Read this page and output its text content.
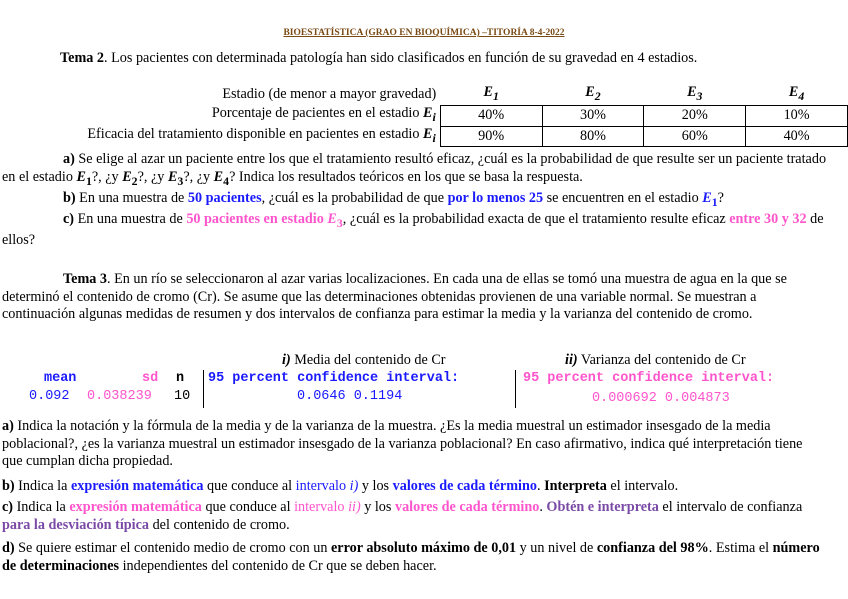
BIOESTATÍSTICA (GRAO EN BIOQUÍMICA) –TITORÍA 8-4-2022
Tema 2. Los pacientes con determinada patología han sido clasificados en función de su gravedad en 4 estadios.
Estadio (de menor a mayor gravedad)	$E_1$	$E_2$	$E_3$	$E_4$
Porcentaje de pacientes en el estadio $E_i$	40%	30%	20%	10%
Eficacia del tratamiento disponible en pacientes en estadio $E_i$	90%	80%	60%	40%
a) Se elige al azar un paciente entre los que el tratamiento resultó eficaz, ¿cuál es la probabilidad de que resulte ser un paciente tratado en el estadio $E_1$?, ¿y $E_2$?, ¿y $E_3$?, ¿y $E_4$? Indica los resultados teóricos en los que se basa la respuesta.
b) En una muestra de 50 pacientes, ¿cuál es la probabilidad de que por lo menos 25 se encuentren en el estadio $E_1$?
c) En una muestra de 50 pacientes en estadio $E_3$, ¿cuál es la probabilidad exacta de que el tratamiento resulte eficaz entre 30 y 32 de ellos?
Tema 3. En un río se seleccionaron al azar varias localizaciones. En cada una de ellas se tomó una muestra de agua en la que se determinó el contenido de cromo (Cr). Se asume que las determinaciones obtenidas provienen de una variable normal. Se muestran a continuación algunas medidas de resumen y dos intervalos de confianza para estimar la media y la varianza del contenido de cromo.
i) Media del contenido de Cr	ii) Varianza del contenido de Cr
mean	sd n
0.092 0.038239 10
95 percent confidence interval:
0.0646 0.1194
95 percent confidence interval:
0.000692 0.004873
a) Indica la notación y la fórmula de la media y de la varianza de la muestra. ¿Es la media muestral un estimador insesgado de la media poblacional?, ¿es la varianza muestral un estimador insesgado de la varianza poblacional? En caso afirmativo, indica qué interpretación tiene que cumplan dicha propiedad.
b) Indica la expresión matemática que conduce al intervalo i) y los valores de cada término. Interpreta el intervalo.
c) Indica la expresión matemática que conduce al intervalo ii) y los valores de cada término. Obtén e interpreta el intervalo de confianza para la desviación típica del contenido de cromo.
d) Se quiere estimar el contenido medio de cromo con un error absoluto máximo de 0,01 y un nivel de confianza del 98%. Estima el número de determinaciones independientes del contenido de Cr que se deben hacer.
